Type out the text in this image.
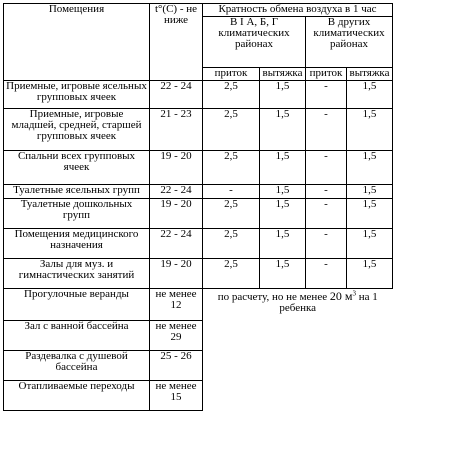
Помещения	t°(С) - не ниже	Кратность обмена воздуха в 1 час			
		В I А, Б, Г климатических районах		В других климатических районах	
		приток	вытяжка	приток	вытяжка
Приемные, игровые ясельных групповых ячеек	22 - 24	2,5	1,5	-	1,5
Приемные, игровые младшей, средней, старшей групповых ячеек	21 - 23	2,5	1,5	-	1,5
Спальни всех групповых ячеек	19 - 20	2,5	1,5	-	1,5
Туалетные ясельных групп	22 - 24	-	1,5	-	1,5
Туалетные дошкольных групп	19 - 20	2,5	1,5	-	1,5
Помещения медицинского назначения	22 - 24	2,5	1,5	-	1,5
Залы для муз. и гимнастических занятий	19 - 20	2,5	1,5	-	1,5
Прогулочные веранды	не менее 12	по расчету, но не менее 20 $м^3$ на 1 ребенка			
Зал с ванной бассейна	не менее 29				
Раздевалка с душевой бассейна	25 - 26				
Отапливаемые переходы	не менее 15				
